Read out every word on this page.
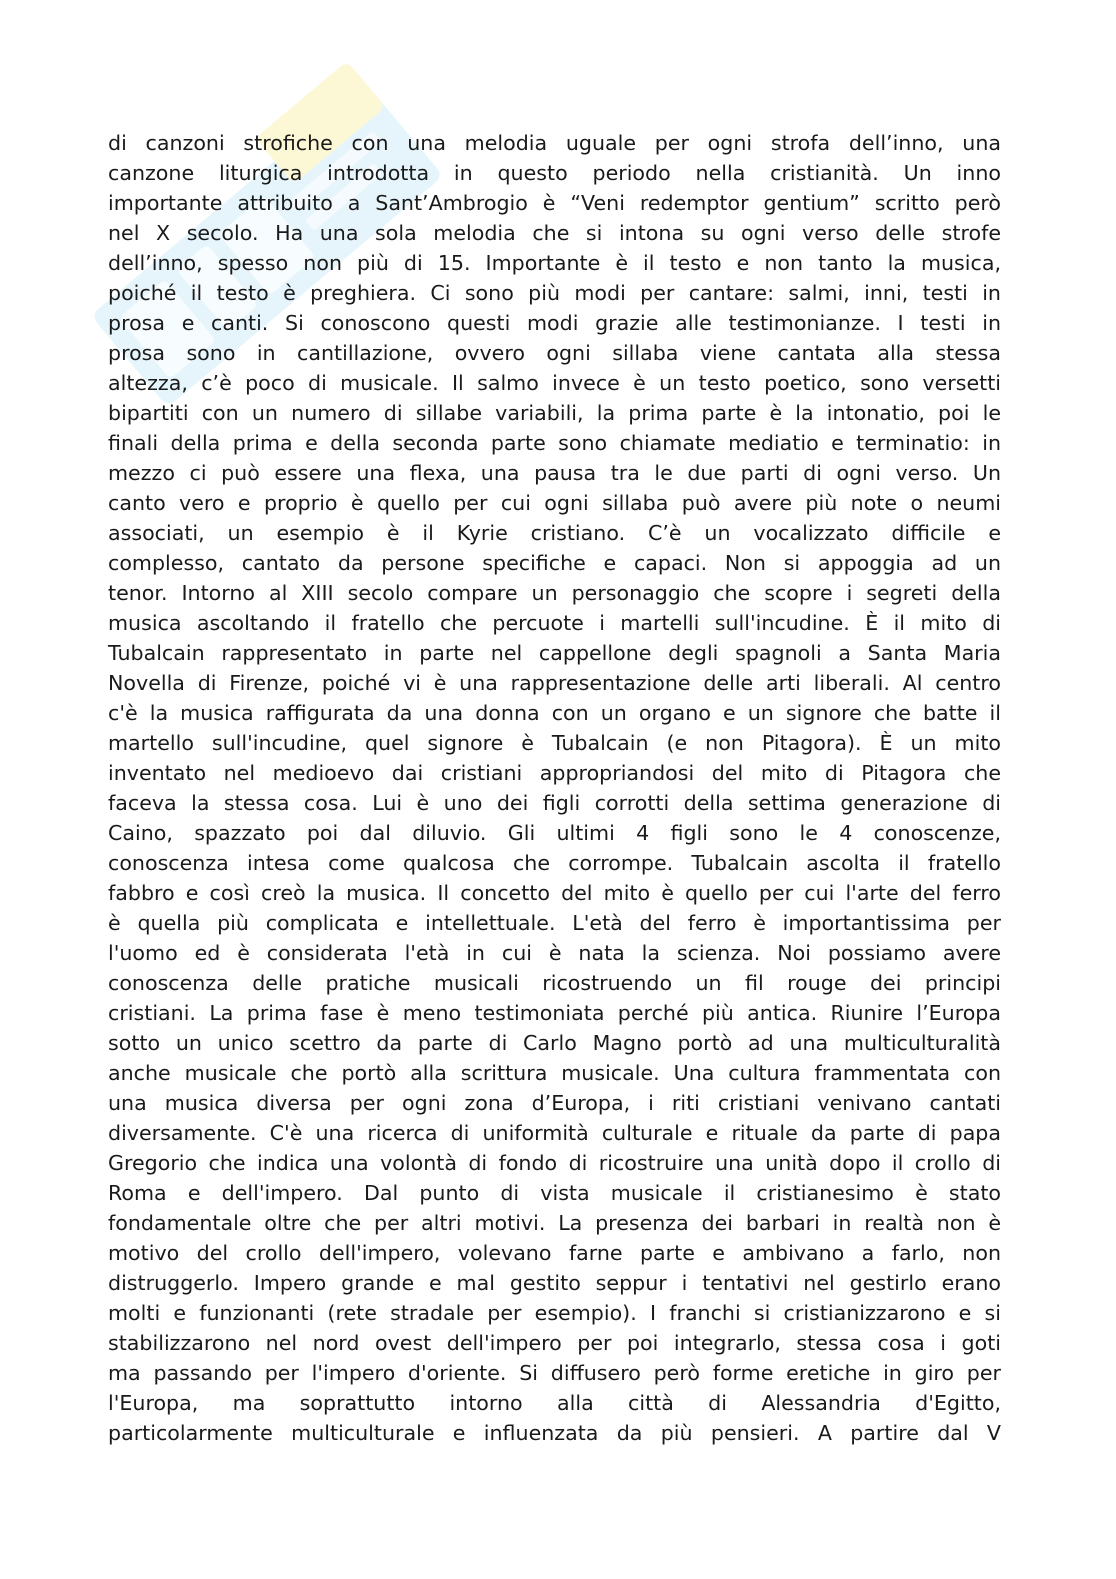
di canzoni strofiche con una melodia uguale per ogni strofa dell’inno, una
canzone liturgica introdotta in questo periodo nella cristianità. Un inno
importante attribuito a Sant’Ambrogio è “Veni redemptor gentium” scritto però
nel X secolo. Ha una sola melodia che si intona su ogni verso delle strofe
dell’inno, spesso non più di 15. Importante è il testo e non tanto la musica,
poiché il testo è preghiera. Ci sono più modi per cantare: salmi, inni, testi in
prosa e canti. Si conoscono questi modi grazie alle testimonianze. I testi in
prosa sono in cantillazione, ovvero ogni sillaba viene cantata alla stessa
altezza, c’è poco di musicale. Il salmo invece è un testo poetico, sono versetti
bipartiti con un numero di sillabe variabili, la prima parte è la intonatio, poi le
finali della prima e della seconda parte sono chiamate mediatio e terminatio: in
mezzo ci può essere una flexa, una pausa tra le due parti di ogni verso. Un
canto vero e proprio è quello per cui ogni sillaba può avere più note o neumi
associati, un esempio è il Kyrie cristiano. C’è un vocalizzato difficile e
complesso, cantato da persone specifiche e capaci. Non si appoggia ad un
tenor. Intorno al XIII secolo compare un personaggio che scopre i segreti della
musica ascoltando il fratello che percuote i martelli sull'incudine. È il mito di
Tubalcain rappresentato in parte nel cappellone degli spagnoli a Santa Maria
Novella di Firenze, poiché vi è una rappresentazione delle arti liberali. Al centro
c'è la musica raffigurata da una donna con un organo e un signore che batte il
martello sull'incudine, quel signore è Tubalcain (e non Pitagora). È un mito
inventato nel medioevo dai cristiani appropriandosi del mito di Pitagora che
faceva la stessa cosa. Lui è uno dei figli corrotti della settima generazione di
Caino, spazzato poi dal diluvio. Gli ultimi 4 figli sono le 4 conoscenze,
conoscenza intesa come qualcosa che corrompe. Tubalcain ascolta il fratello
fabbro e così creò la musica. Il concetto del mito è quello per cui l'arte del ferro
è quella più complicata e intellettuale. L'età del ferro è importantissima per
l'uomo ed è considerata l'età in cui è nata la scienza. Noi possiamo avere
conoscenza delle pratiche musicali ricostruendo un fil rouge dei principi
cristiani. La prima fase è meno testimoniata perché più antica. Riunire l’Europa
sotto un unico scettro da parte di Carlo Magno portò ad una multiculturalità
anche musicale che portò alla scrittura musicale. Una cultura frammentata con
una musica diversa per ogni zona d’Europa, i riti cristiani venivano cantati
diversamente. C'è una ricerca di uniformità culturale e rituale da parte di papa
Gregorio che indica una volontà di fondo di ricostruire una unità dopo il crollo di
Roma e dell'impero. Dal punto di vista musicale il cristianesimo è stato
fondamentale oltre che per altri motivi. La presenza dei barbari in realtà non è
motivo del crollo dell'impero, volevano farne parte e ambivano a farlo, non
distruggerlo. Impero grande e mal gestito seppur i tentativi nel gestirlo erano
molti e funzionanti (rete stradale per esempio). I franchi si cristianizzarono e si
stabilizzarono nel nord ovest dell'impero per poi integrarlo, stessa cosa i goti
ma passando per l'impero d'oriente. Si diffusero però forme eretiche in giro per
l'Europa, ma soprattutto intorno alla città di Alessandria d'Egitto,
particolarmente multiculturale e influenzata da più pensieri. A partire dal V
